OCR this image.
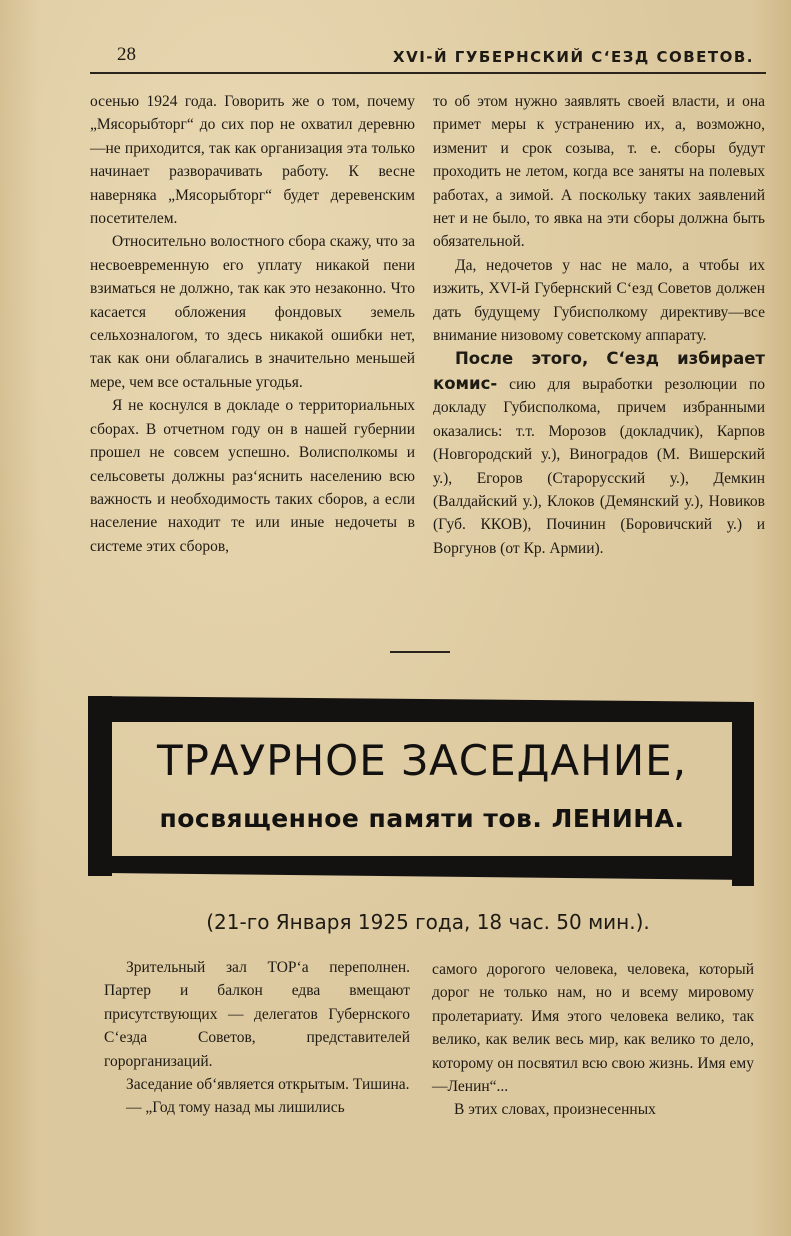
28	XVI-Й ГУБЕРНСКИЙ С‘ЕЗД СОВЕТОВ.

осенью 1924 года. Говорить же о том, почему „Мясорыбторг“ до сих пор не охватил деревню—не приходится, так как организация эта только начинает разворачивать работу. К весне наверняка „Мясорыбторг“ будет деревенским посетителем.

Относительно волостного сбора скажу, что за несвоевременную его уплату никакой пени взиматься не должно, так как это незаконно. Что касается обложения фондовых земель сельхозналогом, то здесь никакой ошибки нет, так как они облагались в значительно меньшей мере, чем все остальные угодья.

Я не коснулся в докладе о территориальных сборах. В отчетном году он в нашей губернии прошел не совсем успешно. Волисполкомы и сельсоветы должны раз‘яснить населению всю важность и необходимость таких сборов, а если население находит те или иные недочеты в системе этих сборов,

то об этом нужно заявлять своей власти, и она примет меры к устранению их, а, возможно, изменит и срок созыва, т. е. сборы будут проходить не летом, когда все заняты на полевых работах, а зимой. А поскольку таких заявлений нет и не было, то явка на эти сборы должна быть обязательной.

Да, недочетов у нас не мало, а чтобы их изжить, XVI-й Губернский С‘езд Советов должен дать будущему Губисполкому директиву—все внимание низовому советскому аппарату.

После этого, С‘езд избирает комис- сию для выработки резолюции по докладу Губисполкома, причем избранными оказались: т.т. Морозов (докладчик), Карпов (Новгородский у.), Виноградов (М. Вишерский у.), Егоров (Старорусский у.), Демкин (Валдайский у.), Клоков (Демянский у.), Новиков (Губ. ККОВ), Починин (Боровичский у.) и Воргунов (от Кр. Армии).

ТРАУРНОЕ ЗАСЕДАНИЕ,
посвященное памяти тов. ЛЕНИНА.
(21-го Января 1925 года, 18 час. 50 мин.).

Зрительный зал ТОР‘а переполнен. Партер и балкон едва вмещают присутствующих — делегатов Губернского С‘езда Советов, представителей горорганизаций.

Заседание об‘является открытым. Тишина.

— „Год тому назад мы лишились

самого дорогого человека, человека, который дорог не только нам, но и всему мировому пролетариату. Имя этого человека велико, так велико, как велик весь мир, как велико то дело, которому он посвятил всю свою жизнь. Имя ему—Ленин“...

В этих словах, произнесенных
